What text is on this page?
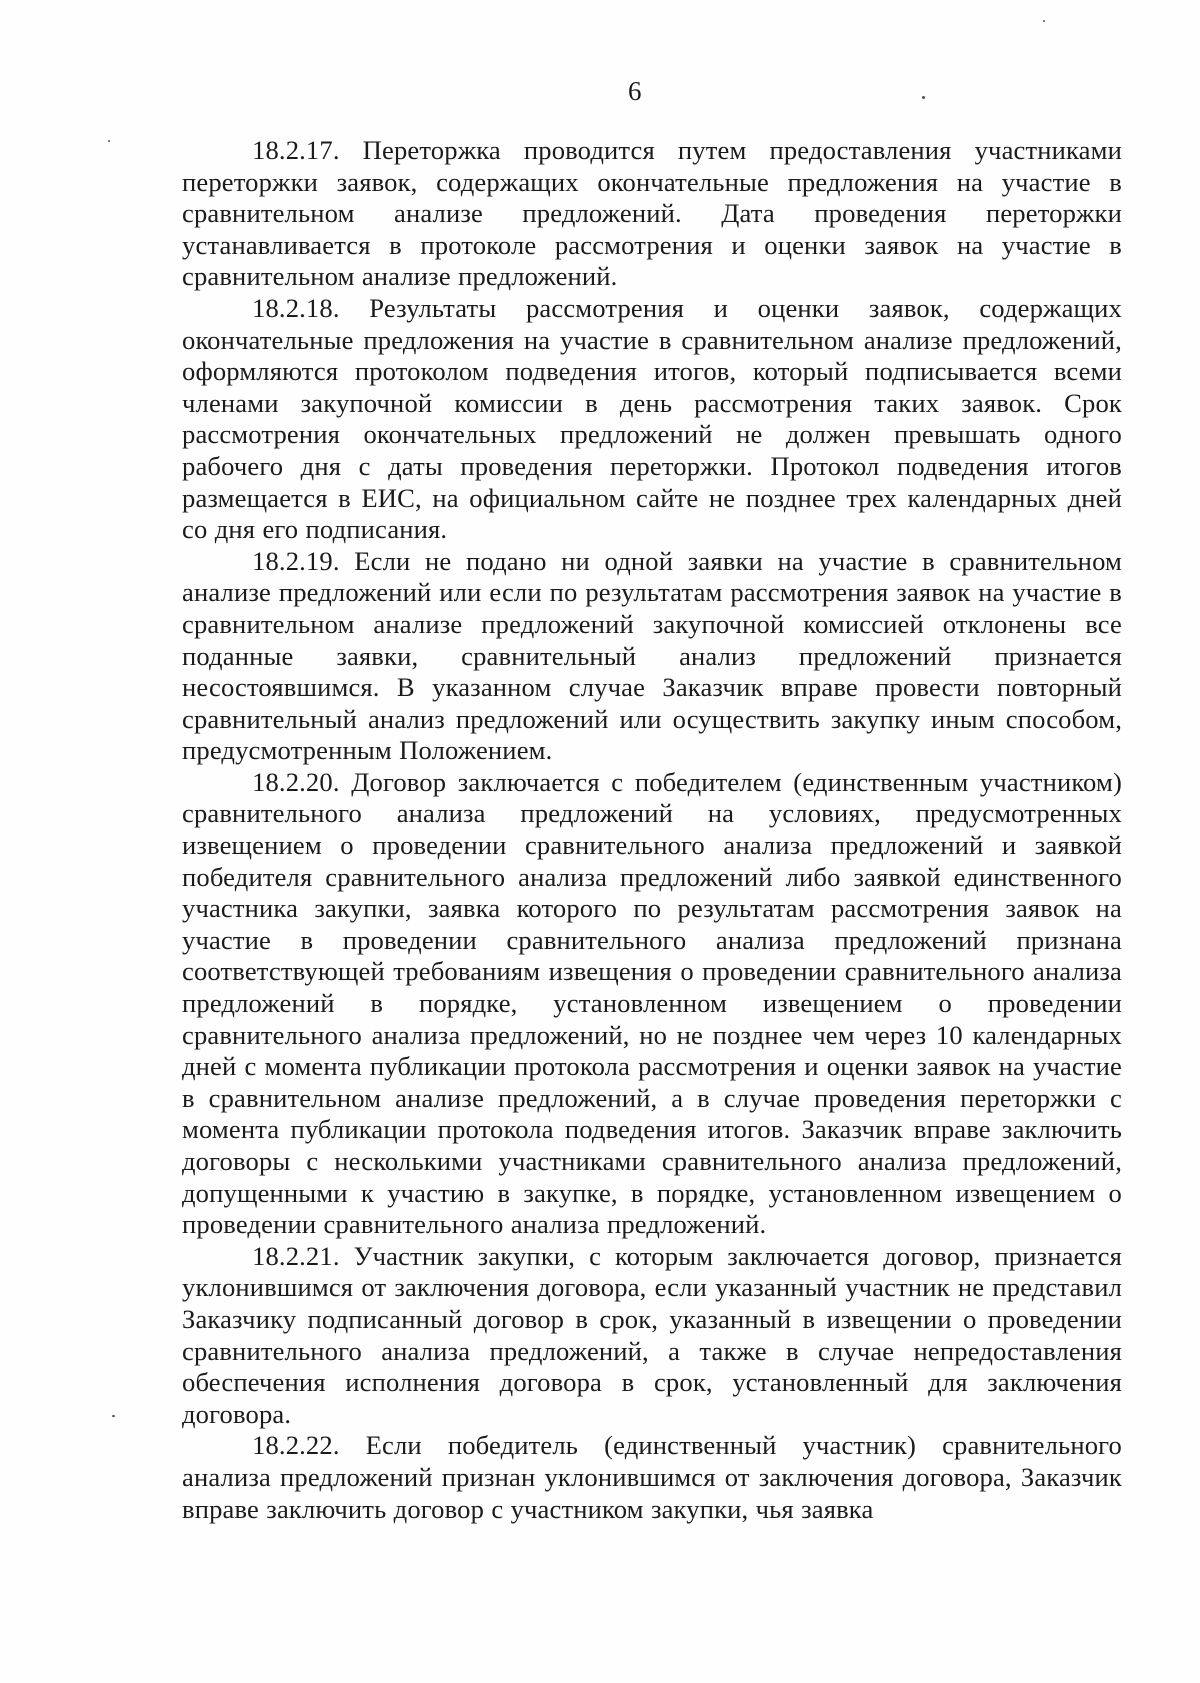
6

18.2.17. Переторжка проводится путем предоставления участниками переторжки заявок, содержащих окончательные предложения на участие в сравнительном анализе предложений. Дата проведения переторжки устанавливается в протоколе рассмотрения и оценки заявок на участие в сравнительном анализе предложений.

18.2.18. Результаты рассмотрения и оценки заявок, содержащих окончательные предложения на участие в сравнительном анализе предложений, оформляются протоколом подведения итогов, который подписывается всеми членами закупочной комиссии в день рассмотрения таких заявок. Срок рассмотрения окончательных предложений не должен превышать одного рабочего дня с даты проведения переторжки. Протокол подведения итогов размещается в ЕИС, на официальном сайте не позднее трех календарных дней со дня его подписания.

18.2.19. Если не подано ни одной заявки на участие в сравнительном анализе предложений или если по результатам рассмотрения заявок на участие в сравнительном анализе предложений закупочной комиссией отклонены все поданные заявки, сравнительный анализ предложений признается несостоявшимся. В указанном случае Заказчик вправе провести повторный сравнительный анализ предложений или осуществить закупку иным способом, предусмотренным Положением.

18.2.20. Договор заключается с победителем (единственным участником) сравнительного анализа предложений на условиях, предусмотренных извещением о проведении сравнительного анализа предложений и заявкой победителя сравнительного анализа предложений либо заявкой единственного участника закупки, заявка которого по результатам рассмотрения заявок на участие в проведении сравнительного анализа предложений признана соответствующей требованиям извещения о проведении сравнительного анализа предложений в порядке, установленном извещением о проведении сравнительного анализа предложений, но не позднее чем через 10 календарных дней с момента публикации протокола рассмотрения и оценки заявок на участие в сравнительном анализе предложений, а в случае проведения переторжки с момента публикации протокола подведения итогов. Заказчик вправе заключить договоры с несколькими участниками сравнительного анализа предложений, допущенными к участию в закупке, в порядке, установленном извещением о проведении сравнительного анализа предложений.

18.2.21. Участник закупки, с которым заключается договор, признается уклонившимся от заключения договора, если указанный участник не представил Заказчику подписанный договор в срок, указанный в извещении о проведении сравнительного анализа предложений, а также в случае непредоставления обеспечения исполнения договора в срок, установленный для заключения договора.

18.2.22. Если победитель (единственный участник) сравнительного анализа предложений признан уклонившимся от заключения договора, Заказчик вправе заключить договор с участником закупки, чья заявка
